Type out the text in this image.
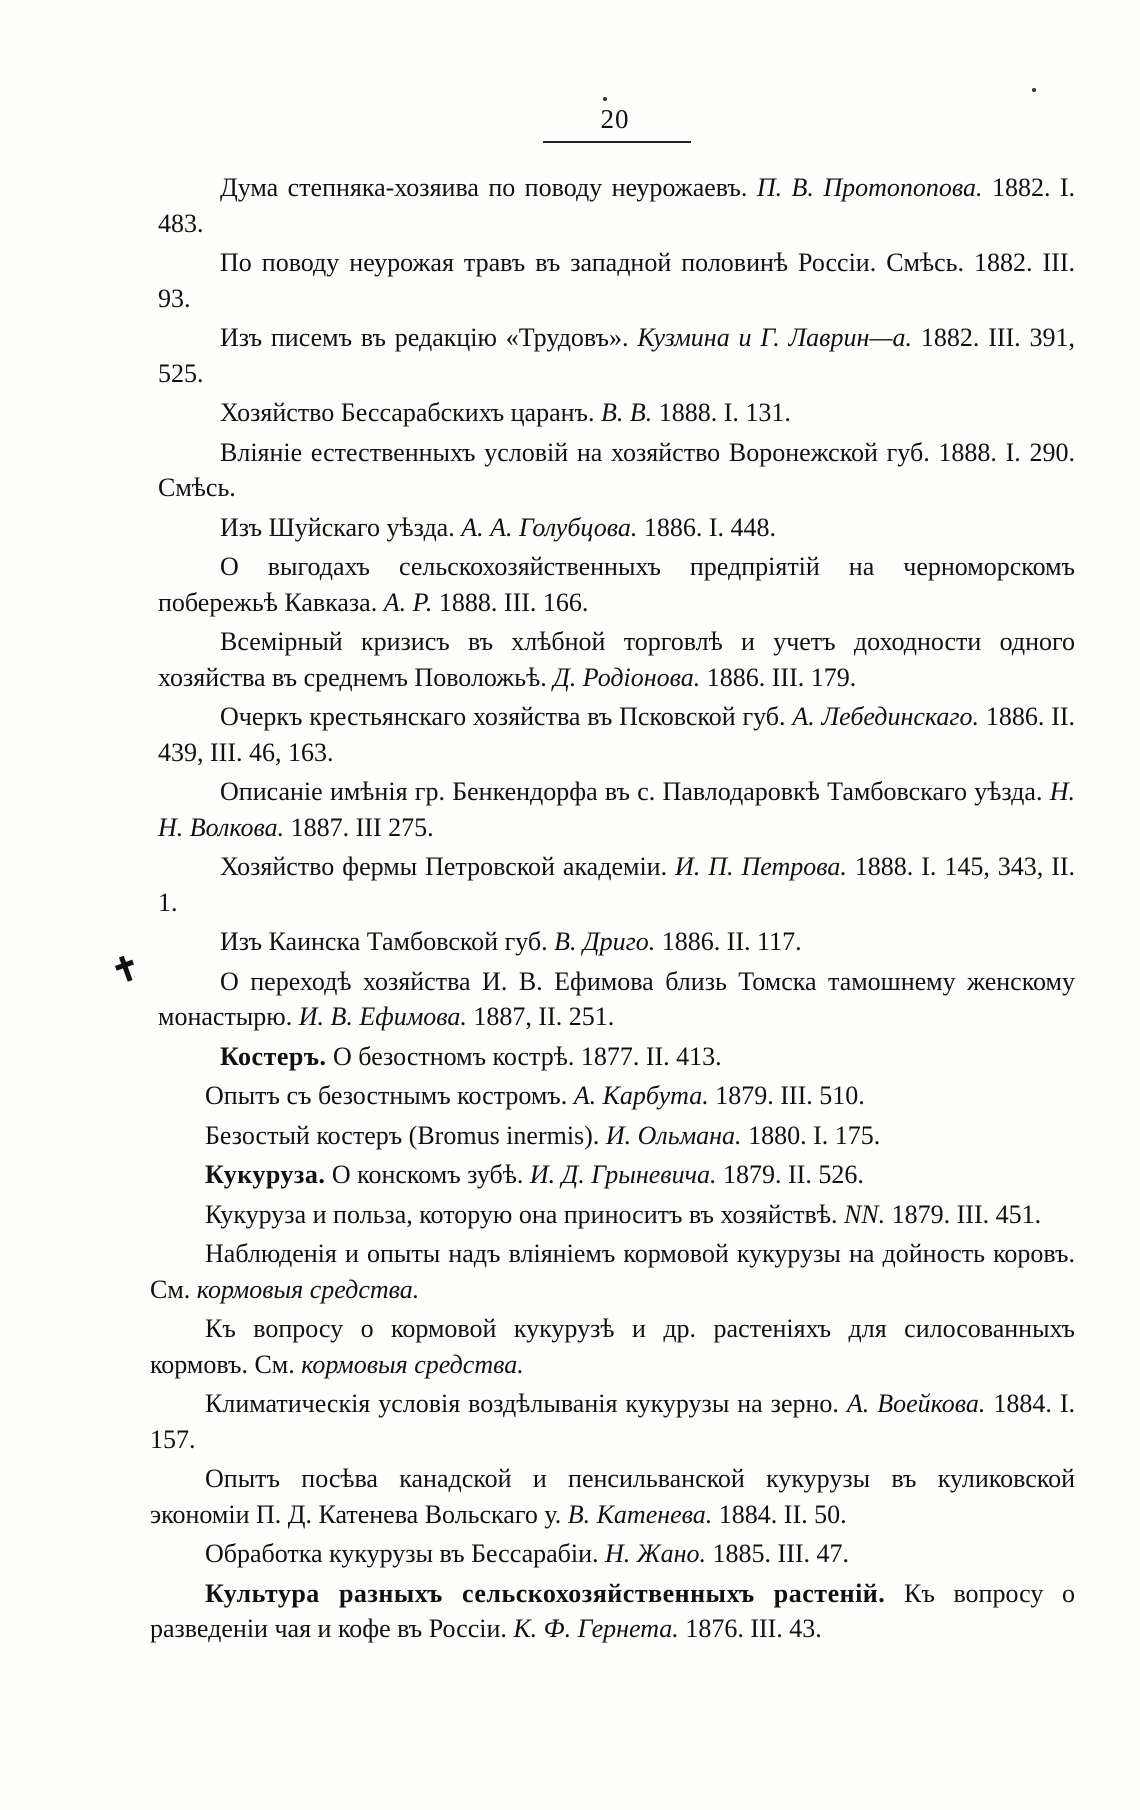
20
✝

Дума степняка-хозяива по поводу неурожаевъ. П. В. Протопопова. 1882. I. 483.

По поводу неурожая травъ въ западной половинѣ Россіи. Смѣсь. 1882. III. 93.

Изъ писемъ въ редакцію «Трудовъ». Кузмина и Г. Лаврин—а. 1882. III. 391, 525.

Хозяйство Бессарабскихъ царанъ. В. В. 1888. I. 131.

Вліяніе естественныхъ условій на хозяйство Воронежской губ. 1888. I. 290. Смѣсь.

Изъ Шуйскаго уѣзда. А. А. Голубцова. 1886. I. 448.

О выгодахъ сельскохозяйственныхъ предпріятій на черноморскомъ побережьѣ Кавказа. А. Р. 1888. III. 166.

Всемірный кризисъ въ хлѣбной торговлѣ и учетъ доходности одного хозяйства въ среднемъ Поволожьѣ. Д. Родіонова. 1886. III. 179.

Очеркъ крестьянскаго хозяйства въ Псковской губ. А. Лебединскаго. 1886. II. 439, III. 46, 163.

Описаніе имѣнія гр. Бенкендорфа въ с. Павлодаровкѣ Тамбовскаго уѣзда. Н. Н. Волкова. 1887. III 275.

Хозяйство фермы Петровской академіи. И. П. Петрова. 1888. I. 145, 343, II. 1.

Изъ Каинска Тамбовской губ. В. Дриго. 1886. II. 117.

О переходѣ хозяйства И. В. Ефимова близь Томска тамошнему женскому монастырю. И. В. Ефимова. 1887, II. 251.

Костеръ. О безостномъ кострѣ. 1877. II. 413.

Опытъ съ безостнымъ костромъ. А. Карбута. 1879. III. 510.

Безостый костеръ (Bromus inermis). И. Ольмана. 1880. I. 175.

Кукуруза. О конскомъ зубѣ. И. Д. Грыневича. 1879. II. 526.

Кукуруза и польза, которую она приноситъ въ хозяйствѣ. NN. 1879. III. 451.

Наблюденія и опыты надъ вліяніемъ кормовой кукурузы на дойность коровъ. См. кормовыя средства.

Къ вопросу о кормовой кукурузѣ и др. растеніяхъ для силосованныхъ кормовъ. См. кормовыя средства.

Климатическія условія воздѣлыванія кукурузы на зерно. А. Воейкова. 1884. I. 157.

Опытъ посѣва канадской и пенсильванской кукурузы въ куликовской экономіи П. Д. Катенева Вольскаго у. В. Катенева. 1884. II. 50.

Обработка кукурузы въ Бессарабіи. Н. Жано. 1885. III. 47.

Культура разныхъ сельскохозяйственныхъ растеній. Къ вопросу о разведеніи чая и кофе въ Россіи. К. Ф. Гернета. 1876. III. 43.
